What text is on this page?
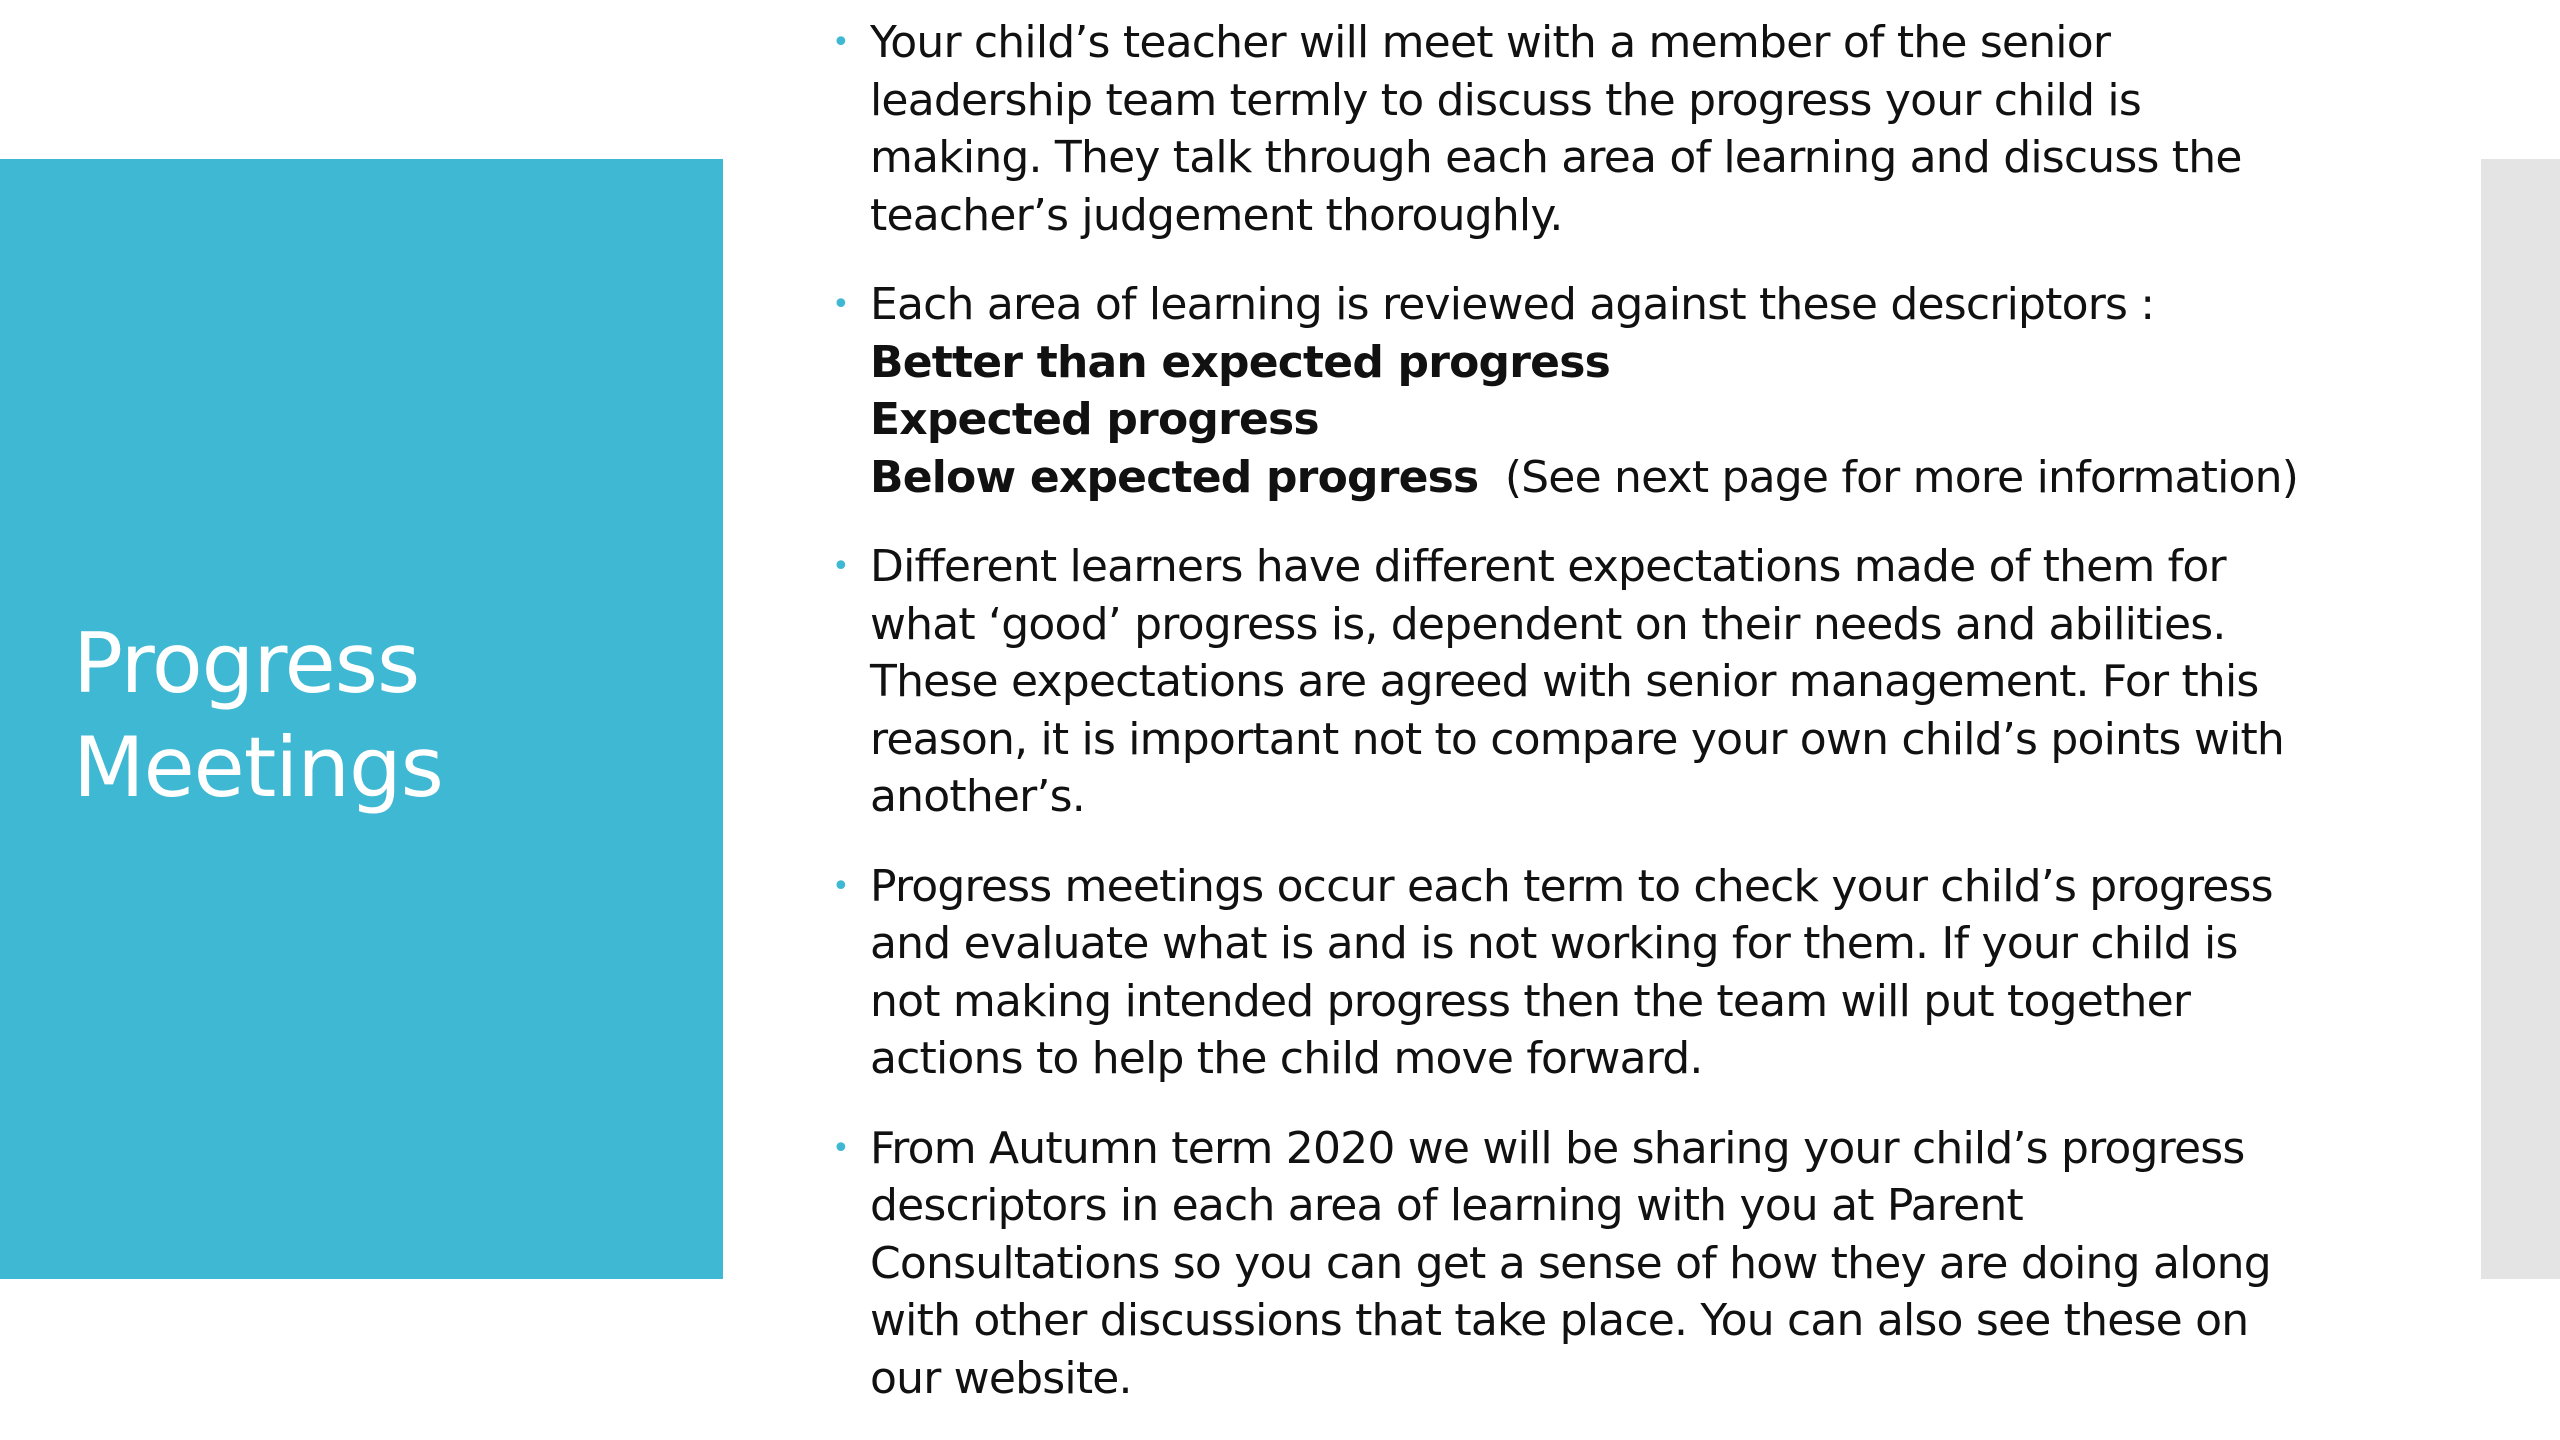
Progress
Meetings
• Your child’s teacher will meet with a member of the senior
leadership team termly to discuss the progress your child is
making. They talk through each area of learning and discuss the
teacher’s judgement thoroughly.
• Each area of learning is reviewed against these descriptors :
Better than expected progress
Expected progress
Below expected progress (See next page for more information)
• Different learners have different expectations made of them for
what ‘good’ progress is, dependent on their needs and abilities.
These expectations are agreed with senior management. For this
reason, it is important not to compare your own child’s points with
another’s.
• Progress meetings occur each term to check your child’s progress
and evaluate what is and is not working for them. If your child is
not making intended progress then the team will put together
actions to help the child move forward.
• From Autumn term 2020 we will be sharing your child’s progress
descriptors in each area of learning with you at Parent
Consultations so you can get a sense of how they are doing along
with other discussions that take place. You can also see these on
our website.
